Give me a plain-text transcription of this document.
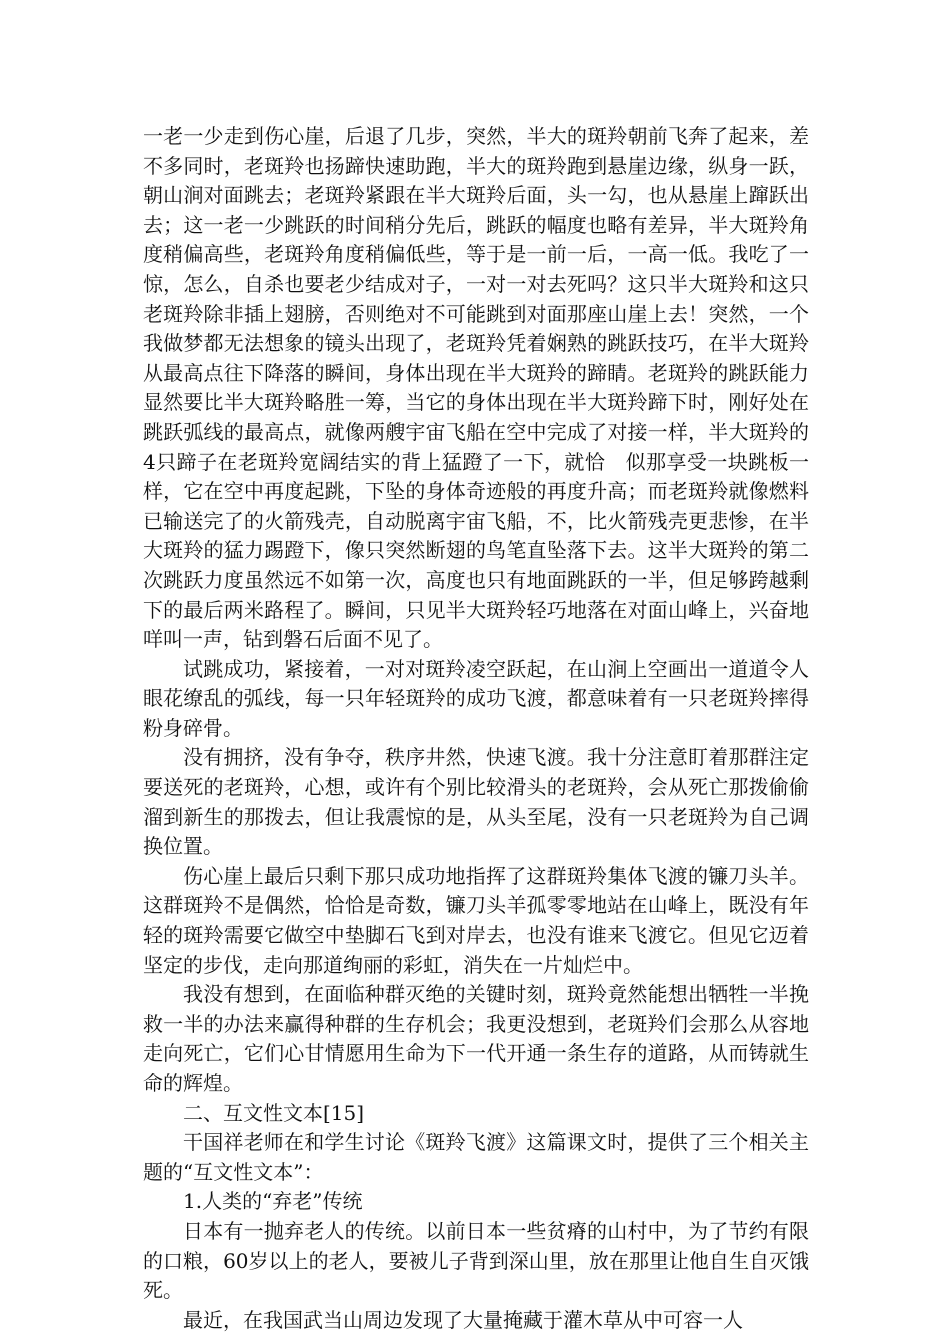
一老一少走到伤心崖，后退了几步，突然，半大的斑羚朝前飞奔了起来，差不多同时，老斑羚也扬蹄快速助跑，半大的斑羚跑到悬崖边缘，纵身一跃，朝山涧对面跳去；老斑羚紧跟在半大斑羚后面，头一勾，也从悬崖上蹿跃出去；这一老一少跳跃的时间稍分先后，跳跃的幅度也略有差异，半大斑羚角度稍偏高些，老斑羚角度稍偏低些，等于是一前一后，一高一低。我吃了一惊，怎么，自杀也要老少结成对子，一对一对去死吗？这只半大斑羚和这只老斑羚除非插上翅膀，否则绝对不可能跳到对面那座山崖上去！突然，一个我做梦都无法想象的镜头出现了，老斑羚凭着娴熟的跳跃技巧，在半大斑羚从最高点往下降落的瞬间，身体出现在半大斑羚的蹄睛。老斑羚的跳跃能力显然要比半大斑羚略胜一筹，当它的身体出现在半大斑羚蹄下时，刚好处在跳跃弧线的最高点，就像两艘宇宙飞船在空中完成了对接一样，半大斑羚的4只蹄子在老斑羚宽阔结实的背上猛蹬了一下，就恰　似那享受一块跳板一样，它在空中再度起跳，下坠的身体奇迹般的再度升高；而老斑羚就像燃料已输送完了的火箭残壳，自动脱离宇宙飞船，不，比火箭残壳更悲惨，在半大斑羚的猛力踢蹬下，像只突然断翅的鸟笔直坠落下去。这半大斑羚的第二次跳跃力度虽然远不如第一次，高度也只有地面跳跃的一半，但足够跨越剩下的最后两米路程了。瞬间，只见半大斑羚轻巧地落在对面山峰上，兴奋地咩叫一声，钻到磐石后面不见了。

试跳成功，紧接着，一对对斑羚凌空跃起，在山涧上空画出一道道令人眼花缭乱的弧线，每一只年轻斑羚的成功飞渡，都意味着有一只老斑羚摔得粉身碎骨。

没有拥挤，没有争夺，秩序井然，快速飞渡。我十分注意盯着那群注定要送死的老斑羚，心想，或许有个别比较滑头的老斑羚，会从死亡那拨偷偷溜到新生的那拨去，但让我震惊的是，从头至尾，没有一只老斑羚为自己调换位置。

伤心崖上最后只剩下那只成功地指挥了这群斑羚集体飞渡的镰刀头羊。这群斑羚不是偶然，恰恰是奇数，镰刀头羊孤零零地站在山峰上，既没有年轻的斑羚需要它做空中垫脚石飞到对岸去，也没有谁来飞渡它。但见它迈着坚定的步伐，走向那道绚丽的彩虹，消失在一片灿烂中。

我没有想到，在面临种群灭绝的关键时刻，斑羚竟然能想出牺牲一半挽救一半的办法来赢得种群的生存机会；我更没想到，老斑羚们会那么从容地走向死亡，它们心甘情愿用生命为下一代开通一条生存的道路，从而铸就生命的辉煌。

二、互文性文本[15]

干国祥老师在和学生讨论《斑羚飞渡》这篇课文时，提供了三个相关主题的“互文性文本”：

1.人类的“弃老”传统

日本有一抛弃老人的传统。以前日本一些贫瘠的山村中，为了节约有限的口粮，60岁以上的老人，要被儿子背到深山里，放在那里让他自生自灭饿死。

最近，在我国武当山周边发现了大量掩藏于灌木草从中可容一人
